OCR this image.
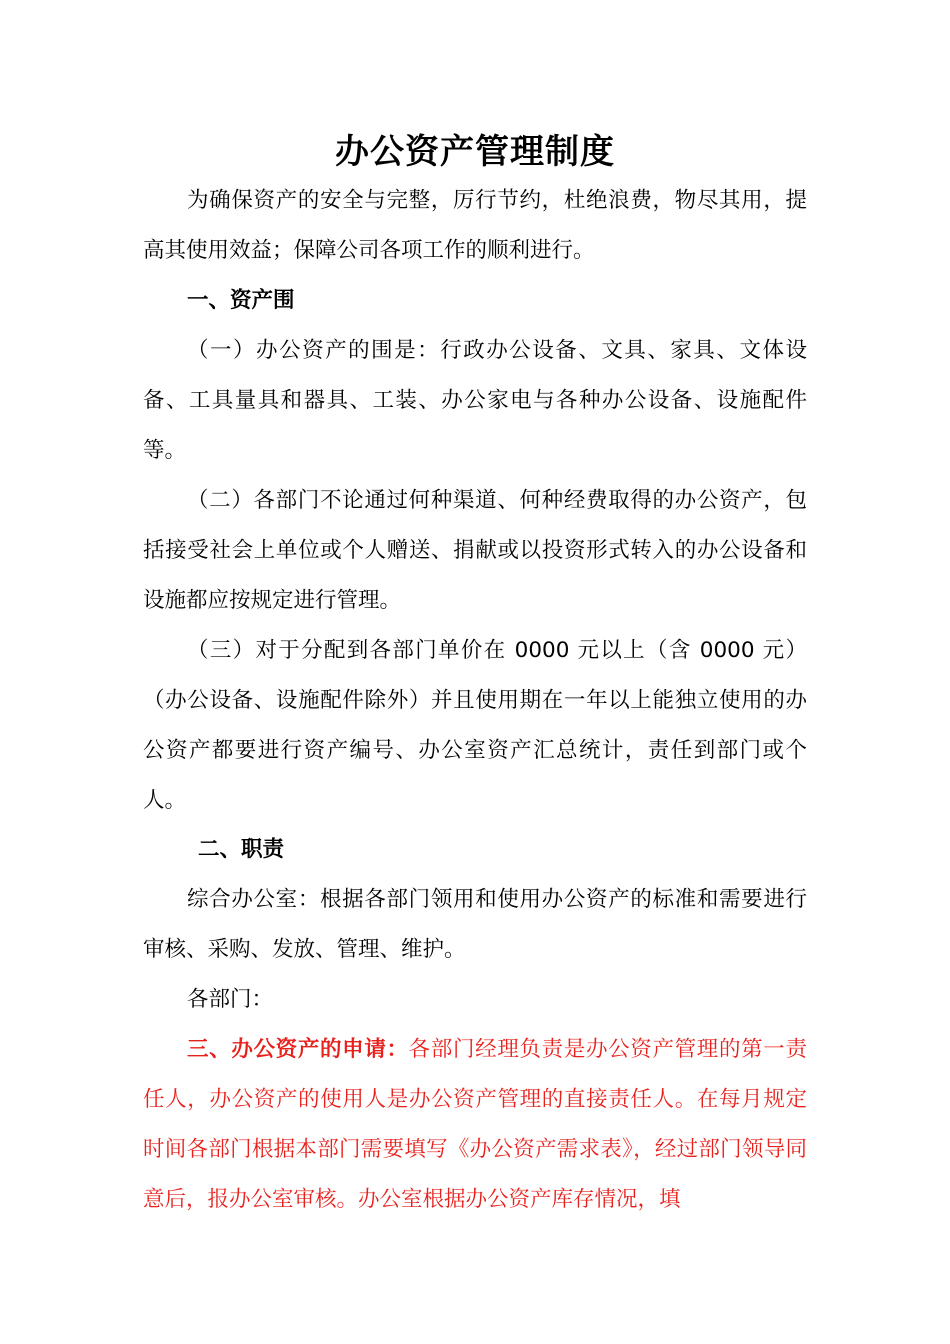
办公资产管理制度
为确保资产的安全与完整，厉行节约，杜绝浪费，物尽其用，提高其使用效益；保障公司各项工作的顺利进行。
一、资产围
（一）办公资产的围是：行政办公设备、文具、家具、文体设备、工具量具和器具、工装、办公家电与各种办公设备、设施配件等。
（二）各部门不论通过何种渠道、何种经费取得的办公资产，包括接受社会上单位或个人赠送、捐献或以投资形式转入的办公设备和设施都应按规定进行管理。
（三）对于分配到各部门单价在 0000 元以上（含 0000 元）（办公设备、设施配件除外）并且使用期在一年以上能独立使用的办公资产都要进行资产编号、办公室资产汇总统计，责任到部门或个人。
二、职责
综合办公室：根据各部门领用和使用办公资产的标准和需要进行审核、采购、发放、管理、维护。
各部门：
三、办公资产的申请：各部门经理负责是办公资产管理的第一责任人，办公资产的使用人是办公资产管理的直接责任人。在每月规定时间各部门根据本部门需要填写《办公资产需求表》，经过部门领导同意后，报办公室审核。办公室根据办公资产库存情况，填
